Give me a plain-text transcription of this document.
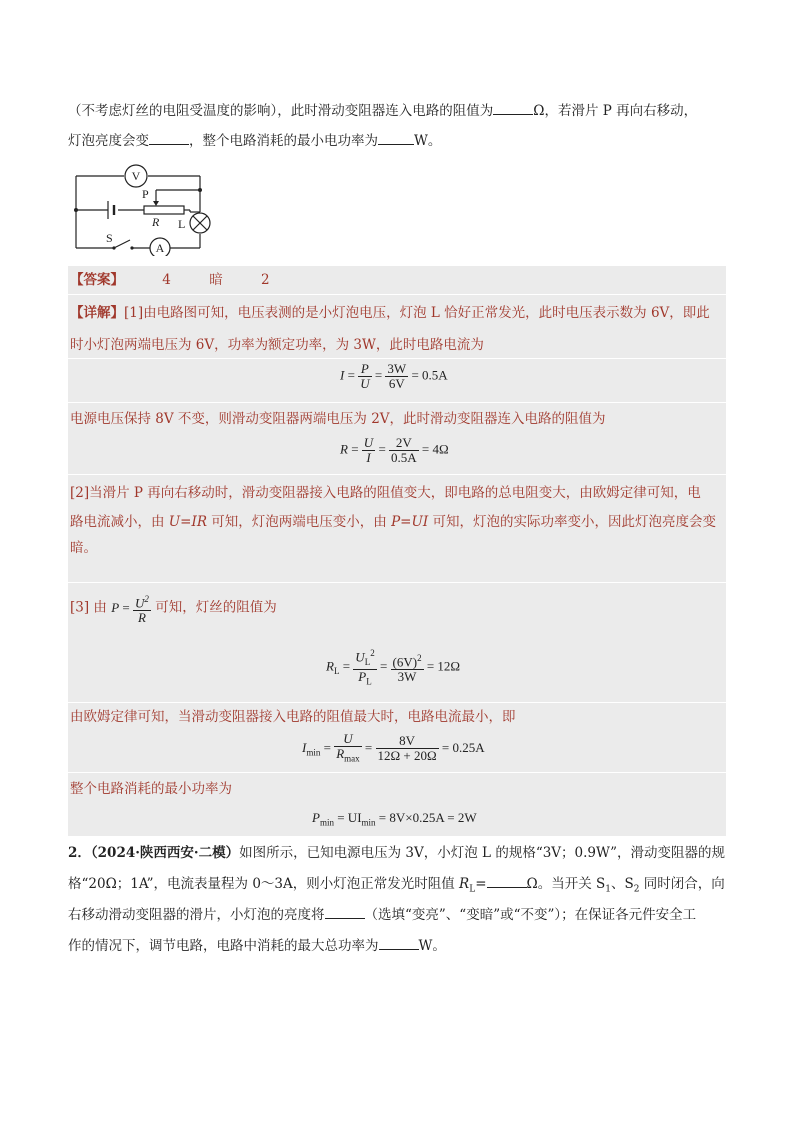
（不考虑灯丝的电阻受温度的影响），此时滑动变阻器连入电路的阻值为	Ω，若滑片 P 再向右移动，
灯泡亮度会变	，整个电路消耗的最小电功率为	W。
V
A
P
R L
S
【答案】	4	暗	2
【详解】[1]由电路图可知，电压表测的是小灯泡电压，灯泡 L 恰好正常发光，此时电压表示数为 6V，即此
时小灯泡两端电压为 6V，功率为额定功率，为 3W，此时电路电流为
$I = \frac{P}{U} = \frac{3W}{6V} = 0.5A$
电源电压保持 8V 不变，则滑动变阻器两端电压为 2V，此时滑动变阻器连入电路的阻值为
$R = \frac{U}{I} = \frac{2V}{0.5A} = 4\Omega$
[2]当滑片 P 再向右移动时，滑动变阻器接入电路的阻值变大，即电路的总电阻变大，由欧姆定律可知，电
路电流减小，由 U=IR 可知，灯泡两端电压变小，由 P=UI 可知，灯泡的实际功率变小，因此灯泡亮度会变
暗。
[3] 由 $P = \frac{U^2}{R}$ 可知，灯丝的阻值为
$R_L = \frac{U_L^2}{P_L} = \frac{(6V)^2}{3W} = 12\Omega$
由欧姆定律可知，当滑动变阻器接入电路的阻值最大时，电路电流最小，即
$I_{min} = \frac{U}{R_{max}} = \frac{8V}{12\Omega + 20\Omega} = 0.25A$
整个电路消耗的最小功率为
$P_{min} = UI_{min} = 8V\times 0.25A = 2W$
2．（2024·陕西西安·二模）如图所示，已知电源电压为 3V，小灯泡 L 的规格“3V；0.9W”，滑动变阻器的规
格“20Ω；1A”，电流表量程为 0～3A，则小灯泡正常发光时阻值 $R_L=$	Ω。当开关 $S_1$、$S_2$ 同时闭合，向
右移动滑动变阻器的滑片，小灯泡的亮度将	（选填“变亮”、“变暗”或“不变”）；在保证各元件安全工
作的情况下，调节电路，电路中消耗的最大总功率为	W。
